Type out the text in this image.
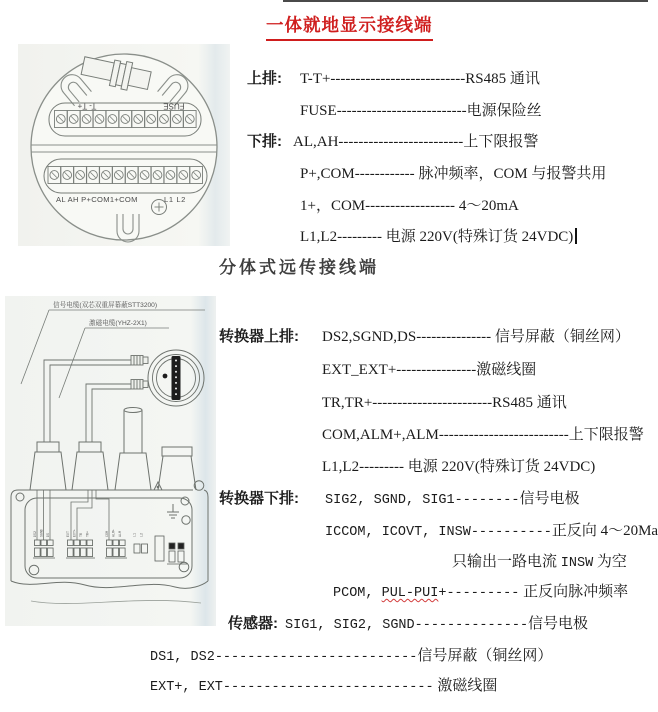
一体就地显示接线端
T- T+	FUSE
AL AH P+COM1+COM	L1 L2

上排: T-T+---------------------------RS485 通讯

FUSE--------------------------电源保险丝

下排: AL,AH-------------------------上下限报警

P+,COM------------ 脉冲频率，COM 与报警共用

1+，COM------------------ 4～20mA

L1,L2--------- 电源 220V(特殊订货 24VDC)

分体式远传接线端
信号电缆(双芯双重屏幕蔽STT3200)
激磁电缆(YHZ-2X1)
DS2 SGND DS	EXT EXT+ TR TR+	COM ALM+ ALM	L1 L2

转换器上排: DS2,SGND,DS--------------- 信号屏蔽（铜丝网）

EXT_EXT+----------------激磁线圈

TR,TR+------------------------RS485 通讯

COM,ALM+,ALM--------------------------上下限报警

L1,L2--------- 电源 220V(特殊订货 24VDC)

转换器下排: SIG2, SGND, SIG1--------信号电极

ICCOM, ICOVT, INSW----------正反向 4～20Ma

只输出一路电流 INSW 为空

PCOM, PUL-PUI+--------- 正反向脉冲频率

传感器: SIG1, SIG2, SGND--------------信号电极

DS1, DS2-------------------------信号屏蔽（铜丝网）

EXT+, EXT-------------------------- 激磁线圈
